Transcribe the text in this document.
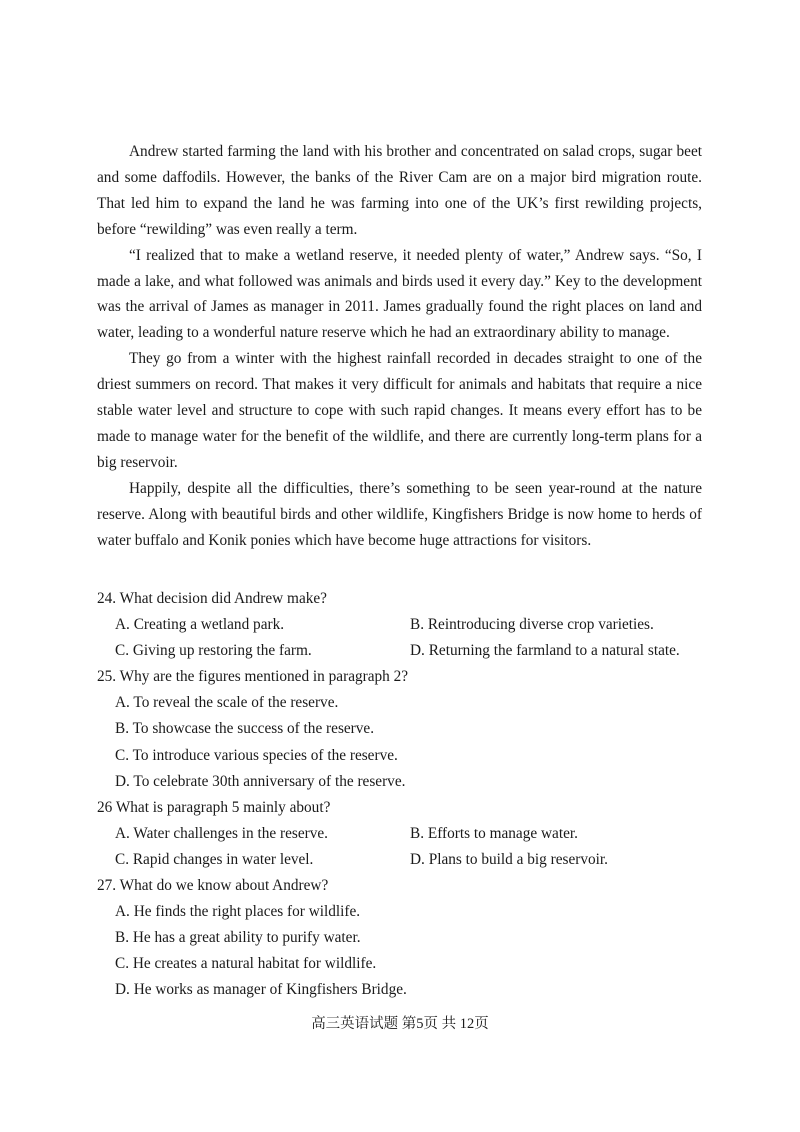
Andrew started farming the land with his brother and concentrated on salad crops, sugar beet and some daffodils. However, the banks of the River Cam are on a major bird migration route. That led him to expand the land he was farming into one of the UK’s first rewilding projects, before “rewilding” was even really a term.

“I realized that to make a wetland reserve, it needed plenty of water,” Andrew says. “So, I made a lake, and what followed was animals and birds used it every day.” Key to the development was the arrival of James as manager in 2011. James gradually found the right places on land and water, leading to a wonderful nature reserve which he had an extraordinary ability to manage.

They go from a winter with the highest rainfall recorded in decades straight to one of the driest summers on record. That makes it very difficult for animals and habitats that require a nice stable water level and structure to cope with such rapid changes. It means every effort has to be made to manage water for the benefit of the wildlife, and there are currently long-term plans for a big reservoir.

Happily, despite all the difficulties, there’s something to be seen year-round at the nature reserve. Along with beautiful birds and other wildlife, Kingfishers Bridge is now home to herds of water buffalo and Konik ponies which have become huge attractions for visitors.

24. What decision did Andrew make?

A. Creating a wetland park.	B. Reintroducing diverse crop varieties.
C. Giving up restoring the farm.	D. Returning the farmland to a natural state.

25. Why are the figures mentioned in paragraph 2?

A. To reveal the scale of the reserve.
B. To showcase the success of the reserve.
C. To introduce various species of the reserve.
D. To celebrate 30th anniversary of the reserve.

26 What is paragraph 5 mainly about?

A. Water challenges in the reserve.	B. Efforts to manage water.
C. Rapid changes in water level.	D. Plans to build a big reservoir.

27. What do we know about Andrew?

A. He finds the right places for wildlife.
B. He has a great ability to purify water.
C. He creates a natural habitat for wildlife.
D. He works as manager of Kingfishers Bridge.
高三英语试题 第5页 共 12页
